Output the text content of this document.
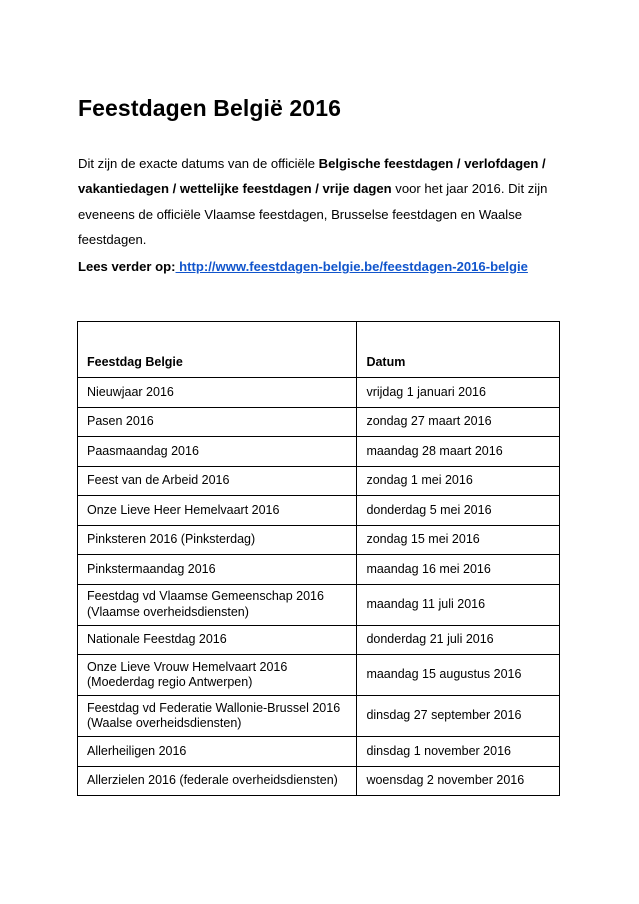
Feestdagen België 2016
Dit zijn de exacte datums van de officiële Belgische feestdagen / verlofdagen / vakantiedagen / wettelijke feestdagen / vrije dagen voor het jaar 2016. Dit zijn eveneens de officiële Vlaamse feestdagen, Brusselse feestdagen en Waalse feestdagen.
Lees verder op: http://www.feestdagen-belgie.be/feestdagen-2016-belgie
Feestdag Belgie	Datum

Nieuwjaar 2016	vrijdag 1 januari 2016

Pasen 2016	zondag 27 maart 2016

Paasmaandag 2016	maandag 28 maart 2016

Feest van de Arbeid 2016	zondag 1 mei 2016

Onze Lieve Heer Hemelvaart 2016	donderdag 5 mei 2016

Pinksteren 2016 (Pinksterdag)	zondag 15 mei 2016

Pinkstermaandag 2016	maandag 16 mei 2016

Feestdag vd Vlaamse Gemeenschap 2016
(Vlaamse overheidsdiensten)	maandag 11 juli 2016

Nationale Feestdag 2016	donderdag 21 juli 2016

Onze Lieve Vrouw Hemelvaart 2016
(Moederdag regio Antwerpen)	maandag 15 augustus 2016

Feestdag vd Federatie Wallonie-Brussel 2016
(Waalse overheidsdiensten)	dinsdag 27 september 2016

Allerheiligen 2016	dinsdag 1 november 2016

Allerzielen 2016 (federale overheidsdiensten)	woensdag 2 november 2016
